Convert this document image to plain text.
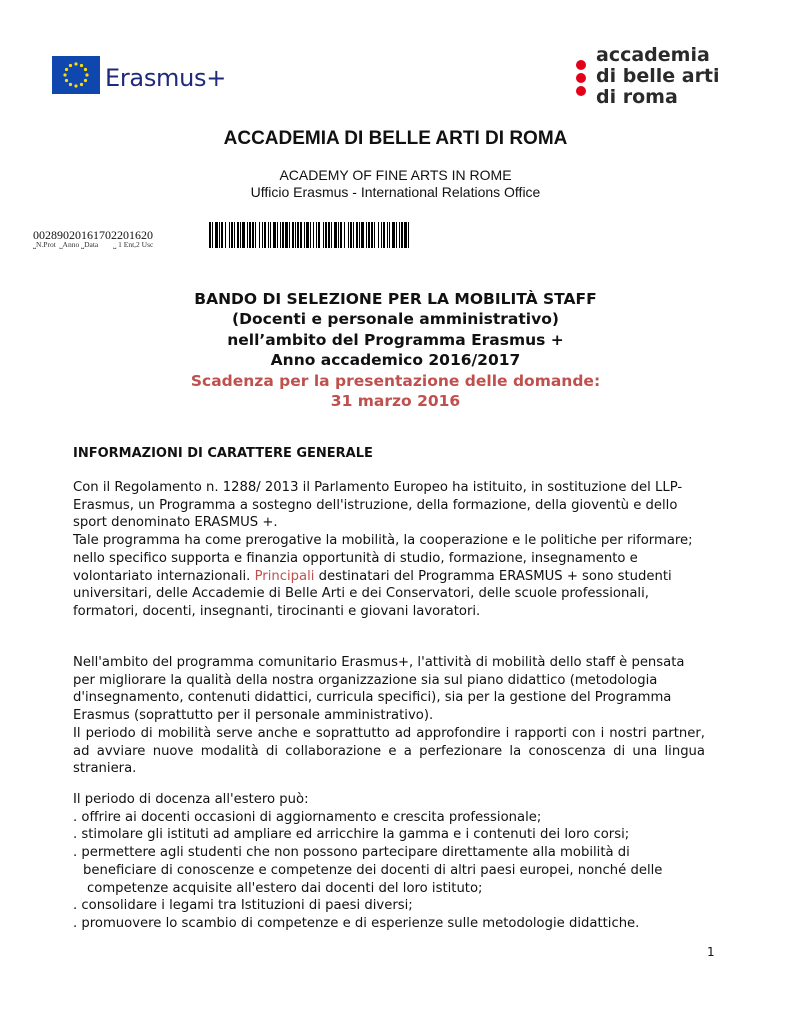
Erasmus+
accademia
di belle arti
di roma
ACCADEMIA DI BELLE ARTI DI ROMA
ACADEMY OF FINE ARTS IN ROME
Ufficio Erasmus - International Relations Office
0028902016170220162​0
⎵N.Prot  ⎵Anno ⎵Data        ⎵ 1 Ent,2 Usc
BANDO DI SELEZIONE PER LA MOBILITÀ STAFF
(Docenti e personale amministrativo)
nell’ambito del Programma Erasmus +
Anno accademico 2016/2017
Scadenza per la presentazione delle domande:
31 marzo 2016
INFORMAZIONI DI CARATTERE GENERALE

Con il Regolamento n. 1288/ 2013 il Parlamento Europeo ha istituito, in sostituzione del LLP-Erasmus, un Programma a sostegno dell'istruzione, della formazione, della gioventù e dello sport denominato ERASMUS +.

Tale programma ha come prerogative la mobilità, la cooperazione e le politiche per riformare; nello specifico supporta e finanzia opportunità di studio, formazione, insegnamento e volontariato internazionali. Principali destinatari del Programma ERASMUS + sono studenti universitari, delle Accademie di Belle Arti e dei Conservatori, delle scuole professionali, formatori, docenti, insegnanti, tirocinanti e giovani lavoratori.

Nell'ambito del programma comunitario Erasmus+, l'attività di mobilità dello staff è pensata per migliorare la qualità della nostra organizzazione sia sul piano didattico (metodologia d'insegnamento, contenuti didattici, curricula specifici), sia per la gestione del Programma Erasmus (soprattutto per il personale amministrativo).

Il periodo di mobilità serve anche e soprattutto ad approfondire i rapporti con i nostri partner, ad avviare nuove modalità di collaborazione e a perfezionare la conoscenza di una lingua straniera.

Il periodo di docenza all'estero può:

. offrire ai docenti occasioni di aggiornamento e crescita professionale;

. stimolare gli istituti ad ampliare ed arricchire la gamma e i contenuti dei loro corsi;

. permettere agli studenti che non possono partecipare direttamente alla mobilità di

beneficiare di conoscenze e competenze dei docenti di altri paesi europei, nonché delle

competenze acquisite all'estero dai docenti del loro istituto;

. consolidare i legami tra Istituzioni di paesi diversi;

. promuovere lo scambio di competenze e di esperienze sulle metodologie didattiche.

1
